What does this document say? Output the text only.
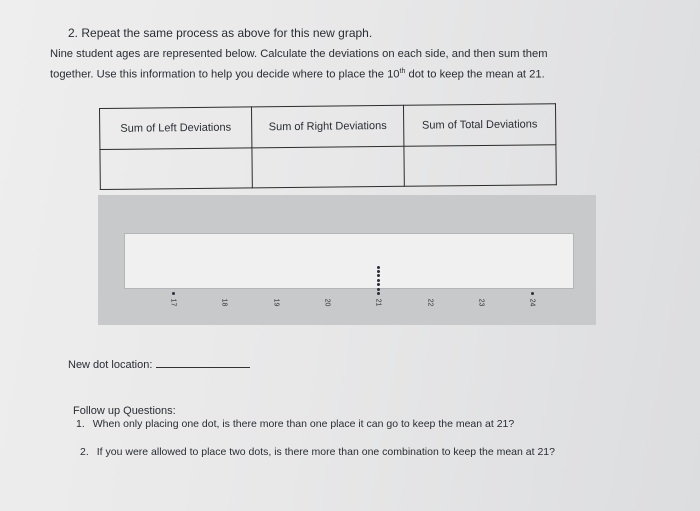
2. Repeat the same process as above for this new graph.
Nine student ages are represented below. Calculate the deviations on each side, and then sum them
together. Use this information to help you decide where to place the 10th dot to keep the mean at 21.
Sum of Left Deviations	Sum of Right Deviations	Sum of Total Deviations

17	18	19	20	21	22	23	24
New dot location:
Follow up Questions:
1. When only placing one dot, is there more than one place it can go to keep the mean at 21?
2. If you were allowed to place two dots, is there more than one combination to keep the mean at 21?
